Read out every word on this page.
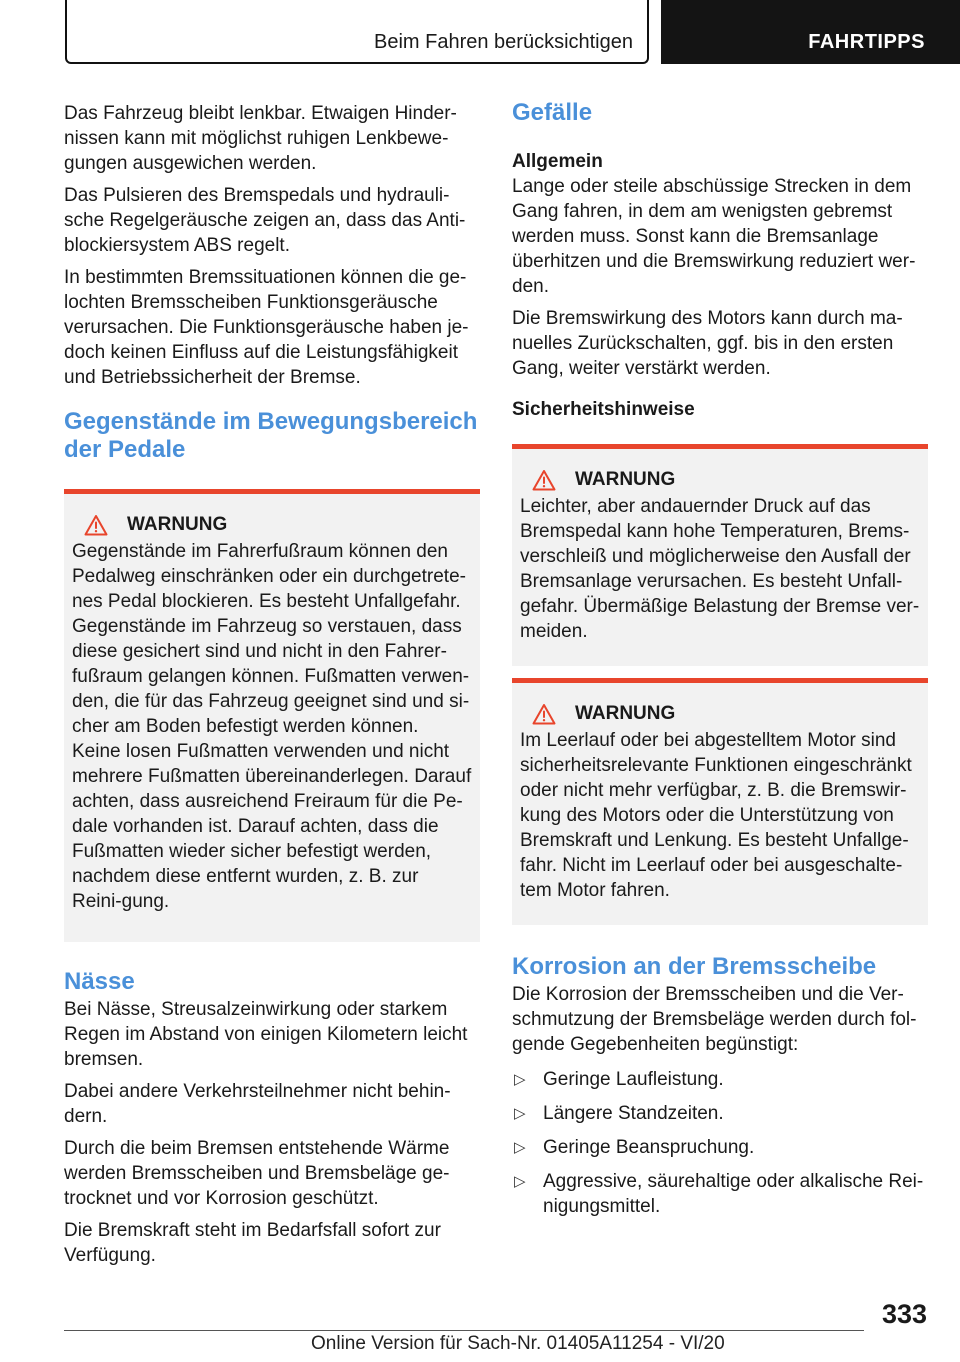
Beim Fahren berücksichtigen	FAHRTIPPS

Das Fahrzeug bleibt lenkbar. Etwaigen Hinder-nissen kann mit möglichst ruhigen Lenkbewe-gungen ausgewichen werden.

Das Pulsieren des Bremspedals und hydrauli-sche Regelgeräusche zeigen an, dass das Anti-blockiersystem ABS regelt.

In bestimmten Bremssituationen können die ge-lochten Bremsscheiben Funktionsgeräusche verursachen. Die Funktionsgeräusche haben je-doch keinen Einfluss auf die Leistungsfähigkeit und Betriebssicherheit der Bremse.

Gegenstände im Bewegungsbereich der Pedale
WARNUNG

Gegenstände im Fahrerfußraum können den Pedalweg einschränken oder ein durchgetrete-nes Pedal blockieren. Es besteht Unfallgefahr. Gegenstände im Fahrzeug so verstauen, dass diese gesichert sind und nicht in den Fahrer-fußraum gelangen können. Fußmatten verwen-den, die für das Fahrzeug geeignet sind und si-cher am Boden befestigt werden können. Keine losen Fußmatten verwenden und nicht mehrere Fußmatten übereinanderlegen. Darauf achten, dass ausreichend Freiraum für die Pe-dale vorhanden ist. Darauf achten, dass die Fußmatten wieder sicher befestigt werden, nachdem diese entfernt wurden, z. B. zur Reini-gung.

Nässe

Bei Nässe, Streusalzeinwirkung oder starkem Regen im Abstand von einigen Kilometern leicht bremsen.

Dabei andere Verkehrsteilnehmer nicht behin-dern.

Durch die beim Bremsen entstehende Wärme werden Bremsscheiben und Bremsbeläge ge-trocknet und vor Korrosion geschützt.

Die Bremskraft steht im Bedarfsfall sofort zur Verfügung.

Gefälle
Allgemein

Lange oder steile abschüssige Strecken in dem Gang fahren, in dem am wenigsten gebremst werden muss. Sonst kann die Bremsanlage überhitzen und die Bremswirkung reduziert wer-den.

Die Bremswirkung des Motors kann durch ma-nuelles Zurückschalten, ggf. bis in den ersten Gang, weiter verstärkt werden.

Sicherheitshinweise
WARNUNG

Leichter, aber andauernder Druck auf das Bremspedal kann hohe Temperaturen, Brems-verschleiß und möglicherweise den Ausfall der Bremsanlage verursachen. Es besteht Unfall-gefahr. Übermäßige Belastung der Bremse ver-meiden.

WARNUNG

Im Leerlauf oder bei abgestelltem Motor sind sicherheitsrelevante Funktionen eingeschränkt oder nicht mehr verfügbar, z. B. die Bremswir-kung des Motors oder die Unterstützung von Bremskraft und Lenkung. Es besteht Unfallge-fahr. Nicht im Leerlauf oder bei ausgeschalte-tem Motor fahren.

Korrosion an der Bremsscheibe

Die Korrosion der Bremsscheiben und die Ver-schmutzung der Bremsbeläge werden durch fol-gende Gegebenheiten begünstigt:

▷ Geringe Laufleistung.
▷ Längere Standzeiten.
▷ Geringe Beanspruchung.
▷ Aggressive, säurehaltige oder alkalische Rei-nigungsmittel.
333
Online Version für Sach-Nr. 01405A11254 - VI/20
